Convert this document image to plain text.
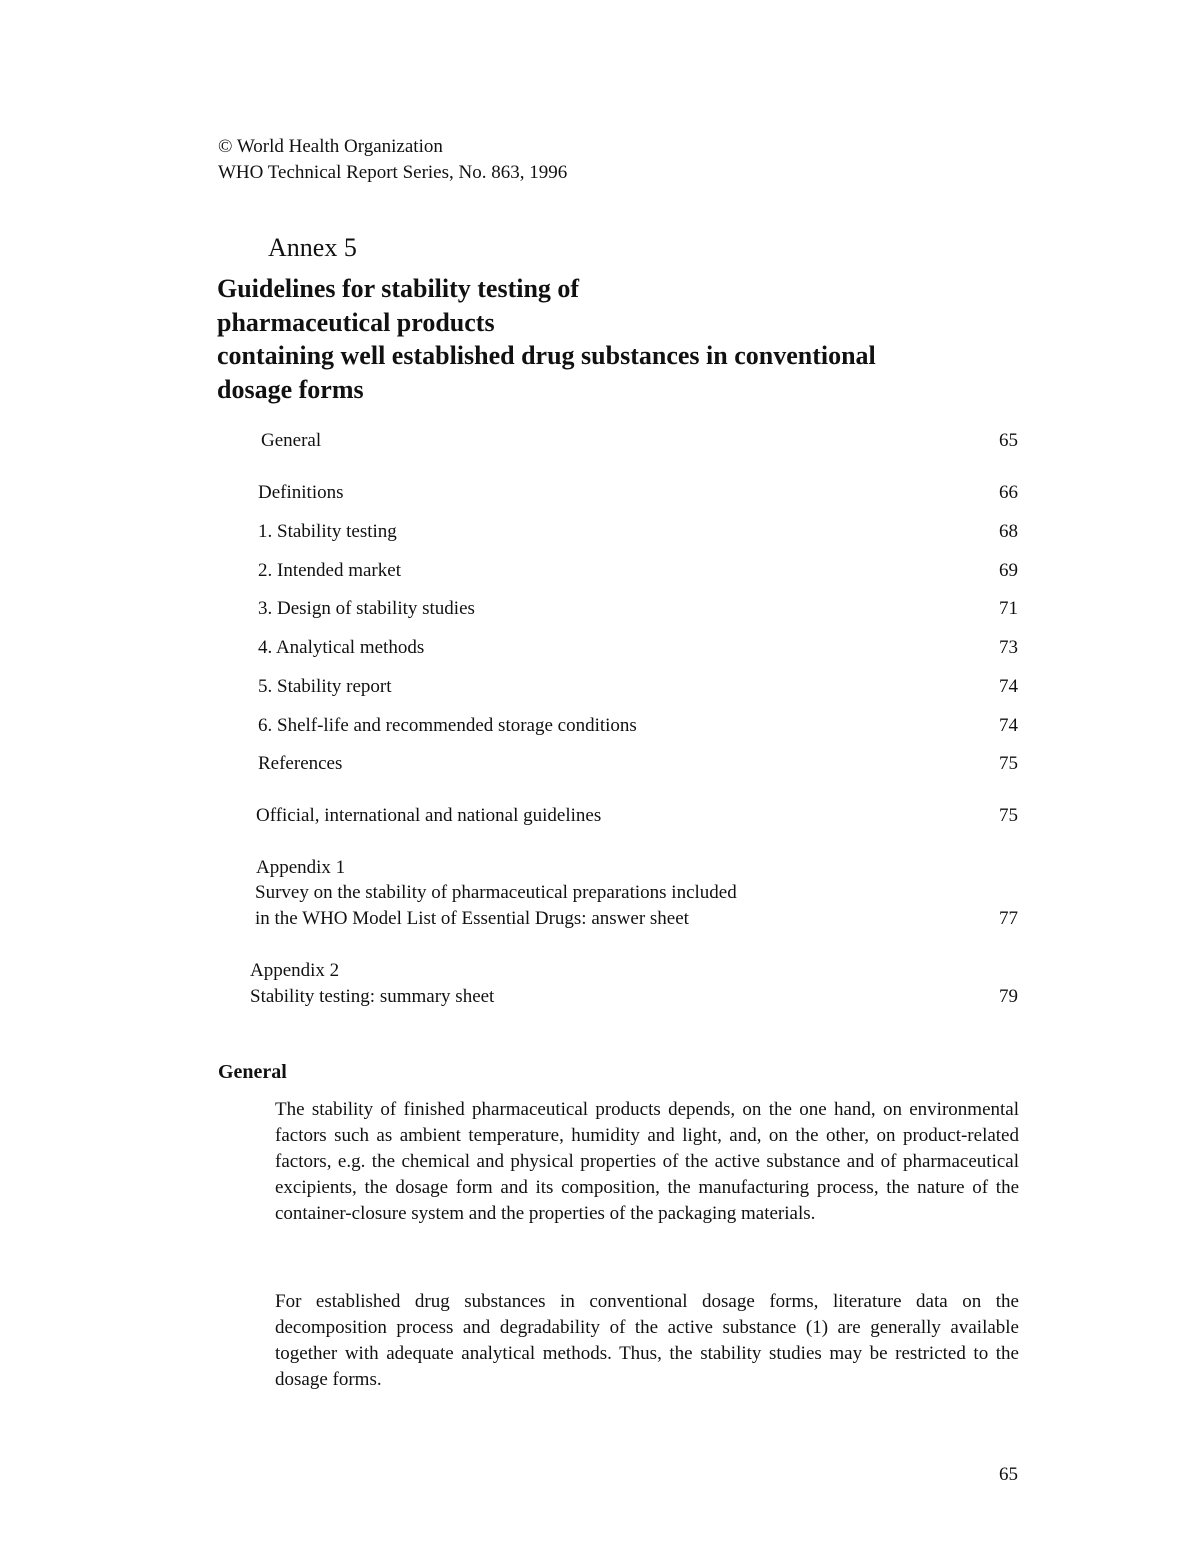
© World Health Organization
WHO Technical Report Series, No. 863, 1996
Annex 5
Guidelines for stability testing of
pharmaceutical products
containing well established drug substances in conventional
dosage forms
General	65
Definitions	66
1. Stability testing	68
2. Intended market	69
3. Design of stability studies	71
4. Analytical methods	73
5. Stability report	74
6. Shelf-life and recommended storage conditions	74
References	75
Official, international and national guidelines	75
Appendix 1
Survey on the stability of pharmaceutical preparations included
in the WHO Model List of Essential Drugs: answer sheet	77
Appendix 2
Stability testing: summary sheet	79
General
The stability of finished pharmaceutical products depends, on the one hand, on environmental factors such as ambient temperature, humidity and light, and, on the other, on product-related factors, e.g. the chemical and physical properties of the active substance and of pharmaceutical excipients, the dosage form and its composition, the manufacturing process, the nature of the container-closure system and the properties of the packaging materials.
For established drug substances in conventional dosage forms, literature data on the decomposition process and degradability of the active substance (1) are generally available together with adequate analytical methods. Thus, the stability studies may be restricted to the dosage forms.
65
